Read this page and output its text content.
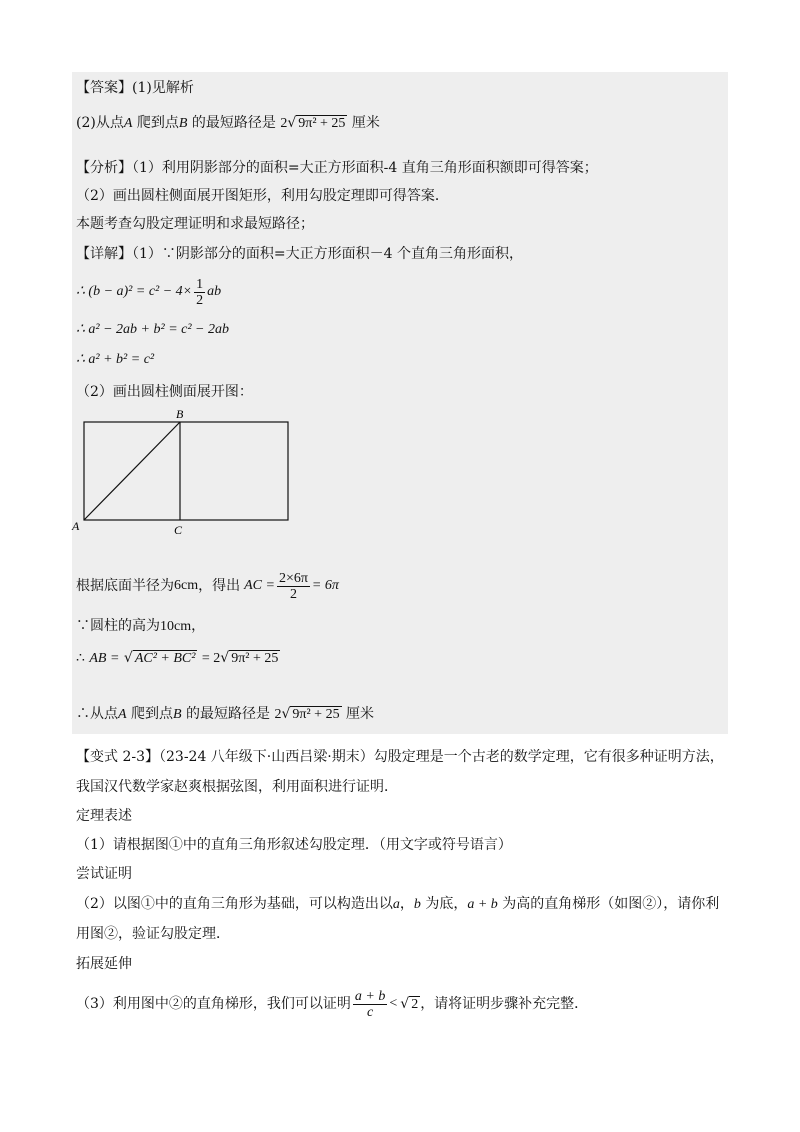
【答案】(1)见解析
(2)从点A 爬到点B 的最短路径是 2√ 9π² + 25 厘米
【分析】（1）利用阴影部分的面积=大正方形面积-4 直角三角形面积额即可得答案；
（2）画出圆柱侧面展开图矩形，利用勾股定理即可得答案．
本题考查勾股定理证明和求最短路径；
【详解】（1）∵阴影部分的面积=大正方形面积－4 个直角三角形面积，
∴ $(b - a)^2 = c^2 - 4\times \frac{1}{2}$ ab
∴ a² − 2ab + b² = c² − 2ab
∴ a² + b² = c²
（2）画出圆柱侧面展开图：
B
A	C
根据底面半径为 6cm ，得出 AC = $\frac{2\times 6\pi}{2} = 6\pi$
∵圆柱的高为10cm，
∴ AB = √ AC² + BC² = 2√ 9π² + 25
∴从点A 爬到点B 的最短路径是 2√ 9π² + 25 厘米
【变式 2-3】（23-24 八年级下·山西吕梁·期末）勾股定理是一个古老的数学定理，它有很多种证明方法，
我国汉代数学家赵爽根据弦图，利用面积进行证明．
定理表述
（1）请根据图①中的直角三角形叙述勾股定理．（用文字或符号语言）
尝试证明
（2）以图①中的直角三角形为基础，可以构造出以a，b 为底，a + b 为高的直角梯形（如图②），请你利
用图②，验证勾股定理．
拓展延伸
（3）利用图中②的直角梯形，我们可以证明 $\frac{a + b}{c}$ < √ 2 ，请将证明步骤补充完整．
